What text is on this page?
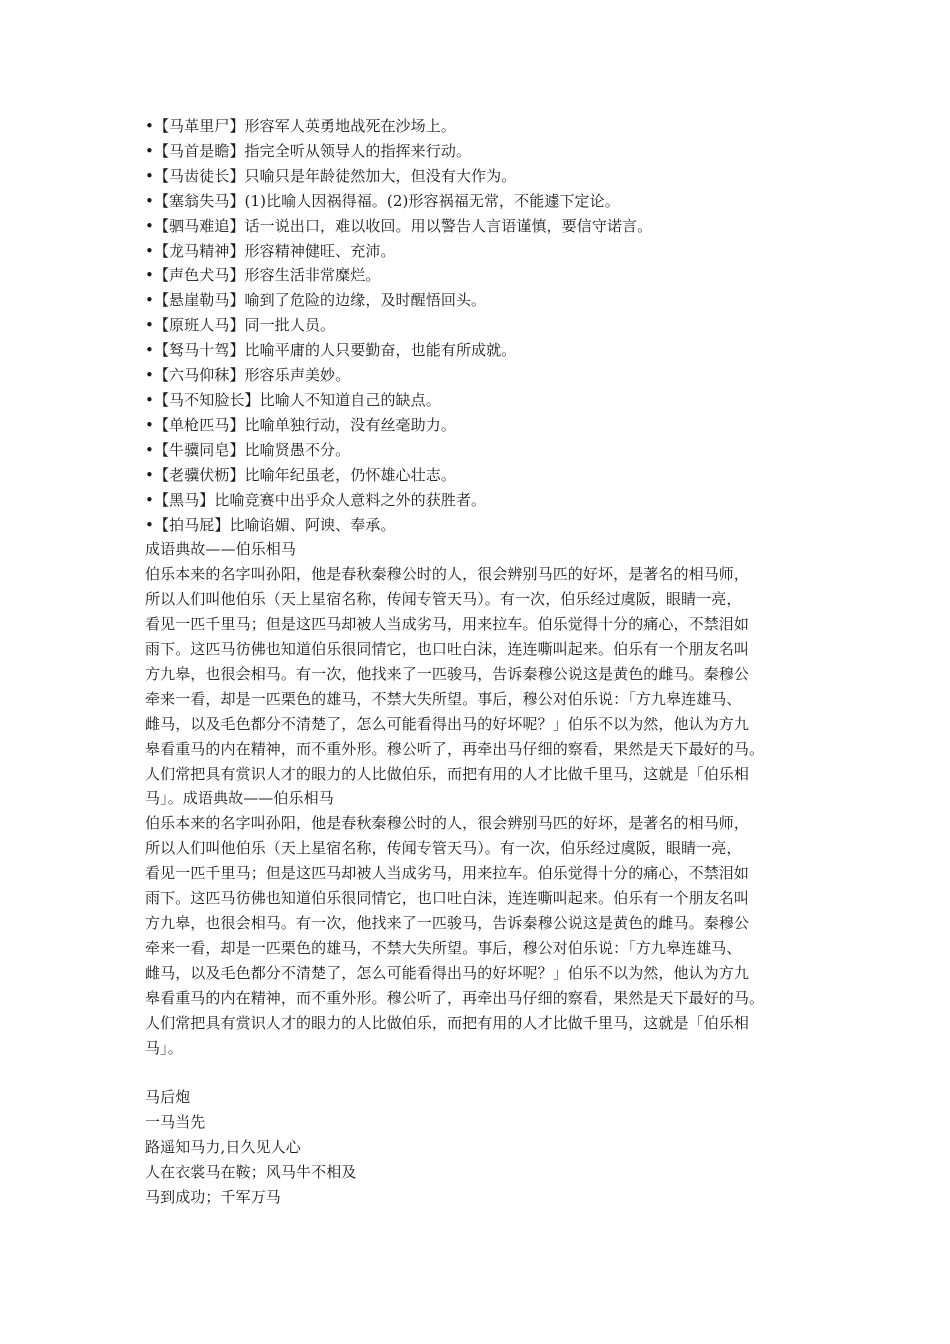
•【马革里尸】形容军人英勇地战死在沙场上。
•【马首是瞻】指完全听从领导人的指挥来行动。
•【马齿徒长】只喻只是年龄徒然加大，但没有大作为。
•【塞翁失马】(1)比喻人因祸得福。(2)形容祸福无常，不能遽下定论。
•【驷马难追】话一说出口，难以收回。用以警告人言语谨慎，要信守诺言。
•【龙马精神】形容精神健旺、充沛。
•【声色犬马】形容生活非常糜烂。
•【悬崖勒马】喻到了危险的边缘，及时醒悟回头。
•【原班人马】同一批人员。
•【驽马十驾】比喻平庸的人只要勤奋，也能有所成就。
•【六马仰秣】形容乐声美妙。
•【马不知脸长】比喻人不知道自己的缺点。
•【单枪匹马】比喻单独行动，没有丝毫助力。
•【牛骥同皂】比喻贤愚不分。
•【老骥伏枥】比喻年纪虽老，仍怀雄心壮志。
•【黑马】比喻竞赛中出乎众人意料之外的获胜者。
•【拍马屁】比喻谄媚、阿谀、奉承。
成语典故——伯乐相马
伯乐本来的名字叫孙阳，他是春秋秦穆公时的人，很会辨别马匹的好坏，是著名的相马师，
所以人们叫他伯乐（天上星宿名称，传闻专管天马）。有一次，伯乐经过虞阪，眼睛一亮，
看见一匹千里马；但是这匹马却被人当成劣马，用来拉车。伯乐觉得十分的痛心，不禁泪如
雨下。这匹马彷佛也知道伯乐很同情它，也口吐白沫，连连嘶叫起来。伯乐有一个朋友名叫
方九皋，也很会相马。有一次，他找来了一匹骏马，告诉秦穆公说这是黄色的雌马。秦穆公
牵来一看，却是一匹栗色的雄马，不禁大失所望。事后，穆公对伯乐说：「方九皋连雄马、
雌马，以及毛色都分不清楚了，怎么可能看得出马的好坏呢？」伯乐不以为然，他认为方九
皋看重马的内在精神，而不重外形。穆公听了，再牵出马仔细的察看，果然是天下最好的马。
人们常把具有赏识人才的眼力的人比做伯乐，而把有用的人才比做千里马，这就是「伯乐相
马」。成语典故——伯乐相马
伯乐本来的名字叫孙阳，他是春秋秦穆公时的人，很会辨别马匹的好坏，是著名的相马师，
所以人们叫他伯乐（天上星宿名称，传闻专管天马）。有一次，伯乐经过虞阪，眼睛一亮，
看见一匹千里马；但是这匹马却被人当成劣马，用来拉车。伯乐觉得十分的痛心，不禁泪如
雨下。这匹马彷佛也知道伯乐很同情它，也口吐白沫，连连嘶叫起来。伯乐有一个朋友名叫
方九皋，也很会相马。有一次，他找来了一匹骏马，告诉秦穆公说这是黄色的雌马。秦穆公
牵来一看，却是一匹栗色的雄马，不禁大失所望。事后，穆公对伯乐说：「方九皋连雄马、
雌马，以及毛色都分不清楚了，怎么可能看得出马的好坏呢？」伯乐不以为然，他认为方九
皋看重马的内在精神，而不重外形。穆公听了，再牵出马仔细的察看，果然是天下最好的马。
人们常把具有赏识人才的眼力的人比做伯乐，而把有用的人才比做千里马，这就是「伯乐相
马」。
马后炮
一马当先
路遥知马力,日久见人心
人在衣裳马在鞍；风马牛不相及
马到成功；千军万马
